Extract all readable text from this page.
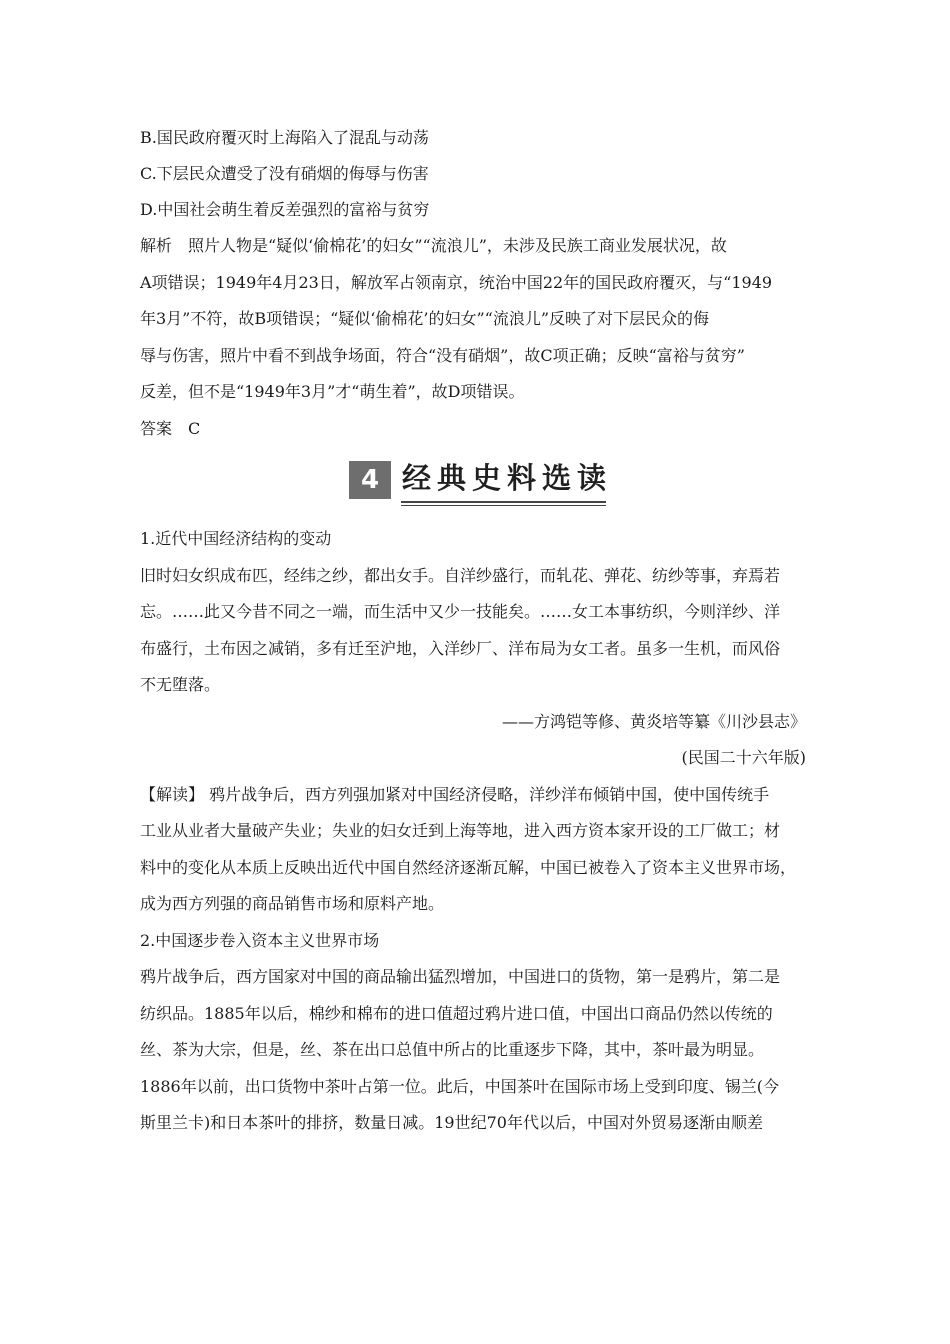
B.国民政府覆灭时上海陷入了混乱与动荡
C.下层民众遭受了没有硝烟的侮辱与伤害
D.中国社会萌生着反差强烈的富裕与贫穷
解析　照片人物是“疑似‘偷棉花’的妇女”“流浪儿”，未涉及民族工商业发展状况，故
A项错误；1949年4月23日，解放军占领南京，统治中国22年的国民政府覆灭，与“1949
年3月”不符，故B项错误；“疑似‘偷棉花’的妇女”“流浪儿”反映了对下层民众的侮
辱与伤害，照片中看不到战争场面，符合“没有硝烟”，故C项正确；反映“富裕与贫穷”
反差，但不是“1949年3月”才“萌生着”，故D项错误。
答案　C
4 经典史料选读
1.近代中国经济结构的变动
旧时妇女织成布匹，经纬之纱，都出女手。自洋纱盛行，而轧花、弹花、纺纱等事，弃焉若
忘。……此又今昔不同之一端，而生活中又少一技能矣。……女工本事纺织，今则洋纱、洋
布盛行，土布因之减销，多有迁至沪地，入洋纱厂、洋布局为女工者。虽多一生机，而风俗
不无堕落。
——方鸿铠等修、黄炎培等纂《川沙县志》
(民国二十六年版)
【解读】 鸦片战争后，西方列强加紧对中国经济侵略，洋纱洋布倾销中国，使中国传统手
工业从业者大量破产失业；失业的妇女迁到上海等地，进入西方资本家开设的工厂做工；材
料中的变化从本质上反映出近代中国自然经济逐渐瓦解，中国已被卷入了资本主义世界市场，
成为西方列强的商品销售市场和原料产地。
2.中国逐步卷入资本主义世界市场
鸦片战争后，西方国家对中国的商品输出猛烈增加，中国进口的货物，第一是鸦片，第二是
纺织品。1885年以后，棉纱和棉布的进口值超过鸦片进口值，中国出口商品仍然以传统的
丝、茶为大宗，但是，丝、茶在出口总值中所占的比重逐步下降，其中，茶叶最为明显。
1886年以前，出口货物中茶叶占第一位。此后，中国茶叶在国际市场上受到印度、锡兰(今
斯里兰卡)和日本茶叶的排挤，数量日减。19世纪70年代以后，中国对外贸易逐渐由顺差
